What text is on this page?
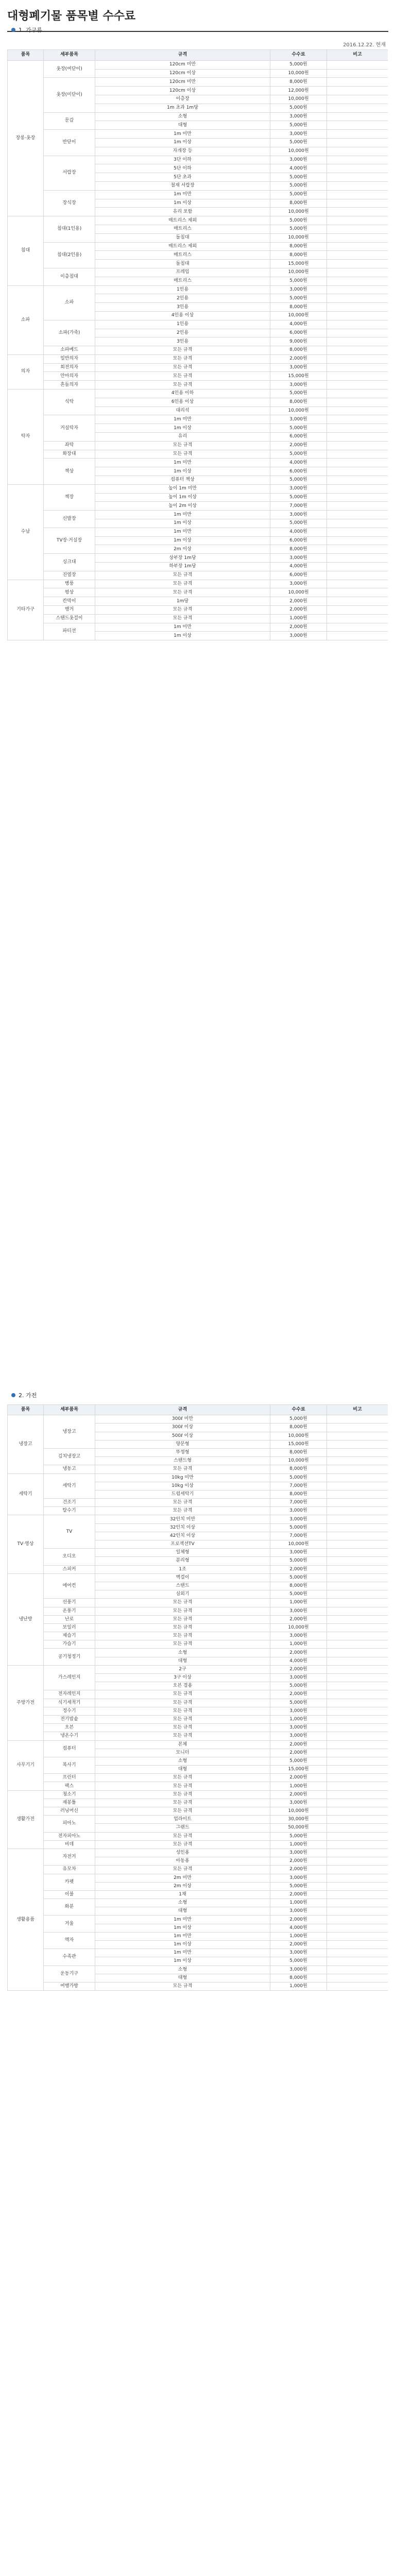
대형폐기물 품목별 수수료
1. 가구류
2016.12.22. 현재
품목	세부품목	규격	수수료	비고
장롱·옷장	옷장(여닫이)	120cm 미만	5,000원	
		120cm 이상	10,000원	
	옷장(미닫이)	120cm 미만	8,000원	
		120cm 이상	12,000원	
		이층장	10,000원	
		1m 초과 1m당	5,000원	
	문갑	소형	3,000원	
		대형	5,000원	
	반닫이	1m 미만	3,000원	
		1m 이상	5,000원	
		자개장 등	10,000원	
	서랍장	3단 이하	3,000원	
		5단 이하	4,000원	
		5단 초과	5,000원	
		철재 서랍장	5,000원	
	장식장	1m 미만	5,000원	
		1m 이상	8,000원	
		유리 포함	10,000원	
침대	침대(1인용)	매트리스 제외	5,000원	
		매트리스	5,000원	
		돌침대	10,000원	
	침대(2인용)	매트리스 제외	8,000원	
		매트리스	8,000원	
		돌침대	15,000원	
	이층침대	프레임	10,000원	
		매트리스	5,000원	
소파	소파	1인용	3,000원	
		2인용	5,000원	
		3인용	8,000원	
		4인용 이상	10,000원	
	소파(가죽)	1인용	4,000원	
		2인용	6,000원	
		3인용	9,000원	
	소파베드	모든 규격	8,000원	
의자	일반의자	모든 규격	2,000원	
	회전의자	모든 규격	3,000원	
	안마의자	모든 규격	15,000원	
	흔들의자	모든 규격	3,000원	
탁자	식탁	4인용 이하	5,000원	
		6인용 이상	8,000원	
		대리석	10,000원	
	거실탁자	1m 미만	3,000원	
		1m 이상	5,000원	
		유리	6,000원	
	좌탁	모든 규격	2,000원	
	화장대	모든 규격	5,000원	
	책상	1m 미만	4,000원	
		1m 이상	6,000원	
		컴퓨터 책상	5,000원	
수납	책장	높이 1m 미만	3,000원	
		높이 1m 이상	5,000원	
		높이 2m 이상	7,000원	
	신발장	1m 미만	3,000원	
		1m 이상	5,000원	
	TV장·거실장	1m 미만	4,000원	
		1m 이상	6,000원	
		2m 이상	8,000원	
	싱크대	상부장 1m당	3,000원	
		하부장 1m당	4,000원	
	진열장	모든 규격	6,000원	
기타가구	병풍	모든 규격	3,000원	
	평상	모든 규격	10,000원	
	칸막이	1m당	2,000원	
	행거	모든 규격	2,000원	
	스탠드옷걸이	모든 규격	1,000원	
	파티션	1m 미만	2,000원	
		1m 이상	3,000원	
2. 가전
품목	세부품목	규격	수수료	비고
냉장고	냉장고	300ℓ 미만	5,000원	
		300ℓ 이상	8,000원	
		500ℓ 이상	10,000원	
		양문형	15,000원	
	김치냉장고	뚜껑형	8,000원	
		스탠드형	10,000원	
	냉동고	모든 규격	8,000원	
세탁기	세탁기	10kg 미만	5,000원	
		10kg 이상	7,000원	
		드럼세탁기	8,000원	
	건조기	모든 규격	7,000원	
	탈수기	모든 규격	3,000원	
TV·영상	TV	32인치 미만	3,000원	
		32인치 이상	5,000원	
		42인치 이상	7,000원	
		프로젝션TV	10,000원	
	오디오	일체형	3,000원	
		분리형	5,000원	
	스피커	1조	2,000원	
냉난방	에어컨	벽걸이	5,000원	
		스탠드	8,000원	
		실외기	5,000원	
	선풍기	모든 규격	1,000원	
	온풍기	모든 규격	3,000원	
	난로	모든 규격	2,000원	
	보일러	모든 규격	10,000원	
	제습기	모든 규격	3,000원	
	가습기	모든 규격	1,000원	
	공기청정기	소형	2,000원	
		대형	4,000원	
주방가전	가스레인지	2구	2,000원	
		3구 이상	3,000원	
		오븐 겸용	5,000원	
	전자레인지	모든 규격	2,000원	
	식기세척기	모든 규격	5,000원	
	정수기	모든 규격	3,000원	
	전기밥솥	모든 규격	1,000원	
	오븐	모든 규격	3,000원	
	냉온수기	모든 규격	3,000원	
사무기기	컴퓨터	본체	2,000원	
		모니터	2,000원	
	복사기	소형	5,000원	
		대형	15,000원	
	프린터	모든 규격	2,000원	
	팩스	모든 규격	1,000원	
생활가전	청소기	모든 규격	2,000원	
	재봉틀	모든 규격	3,000원	
	러닝머신	모든 규격	10,000원	
	피아노	업라이트	30,000원	
		그랜드	50,000원	
	전자피아노	모든 규격	5,000원	
	비데	모든 규격	1,000원	
생활용품	자전거	성인용	3,000원	
		아동용	2,000원	
	유모차	모든 규격	2,000원	
	카펫	2m 미만	3,000원	
		2m 이상	5,000원	
	이불	1채	2,000원	
	화분	소형	1,000원	
		대형	3,000원	
	거울	1m 미만	2,000원	
		1m 이상	4,000원	
	액자	1m 미만	1,000원	
		1m 이상	2,000원	
	수족관	1m 미만	3,000원	
		1m 이상	5,000원	
	운동기구	소형	3,000원	
		대형	8,000원	
	여행가방	모든 규격	1,000원	
